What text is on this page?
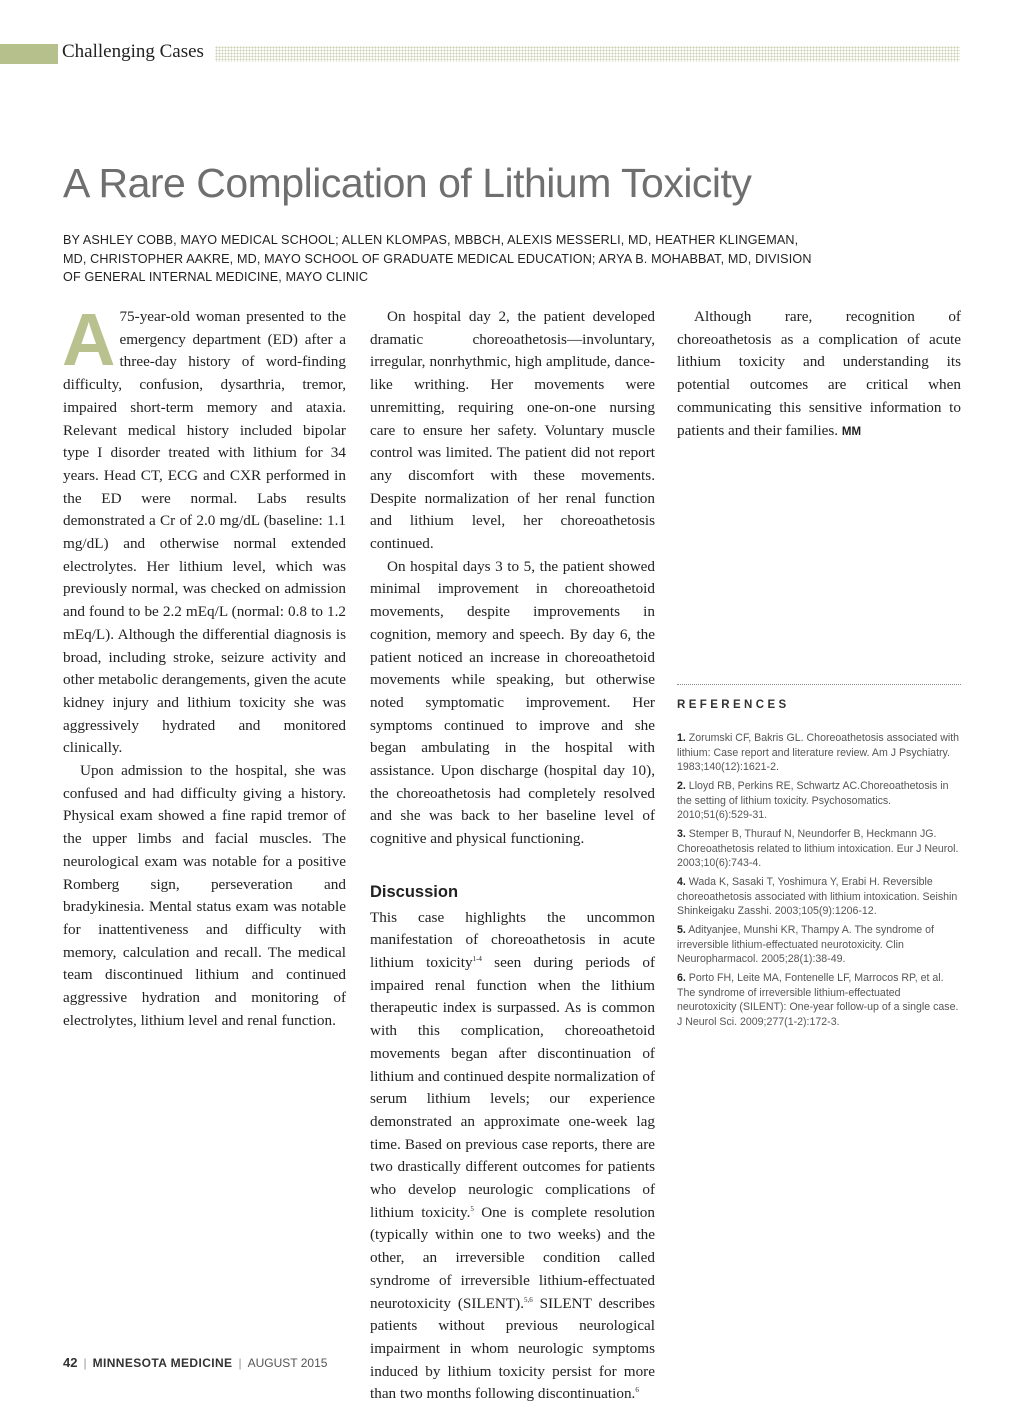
Challenging Cases
A Rare Complication of Lithium Toxicity
BY ASHLEY COBB, MAYO MEDICAL SCHOOL; ALLEN KLOMPAS, MBBCH, ALEXIS MESSERLI, MD, HEATHER KLINGEMAN, MD, CHRISTOPHER AAKRE, MD, MAYO SCHOOL OF GRADUATE MEDICAL EDUCATION; ARYA B. MOHABBAT, MD, DIVISION OF GENERAL INTERNAL MEDICINE, MAYO CLINIC

A 75-year-old woman presented to the emergency department (ED) after a three-day history of word-finding difficulty, confusion, dysarthria, tremor, impaired short-term memory and ataxia. Relevant medical history included bipolar type I disorder treated with lithium for 34 years. Head CT, ECG and CXR performed in the ED were normal. Labs results demonstrated a Cr of 2.0 mg/dL (baseline: 1.1 mg/dL) and otherwise normal extended electrolytes. Her lithium level, which was previously normal, was checked on admission and found to be 2.2 mEq/L (normal: 0.8 to 1.2 mEq/L). Although the differential diagnosis is broad, including stroke, seizure activity and other metabolic derangements, given the acute kidney injury and lithium toxicity she was aggressively hydrated and monitored clinically.

Upon admission to the hospital, she was confused and had difficulty giving a history. Physical exam showed a fine rapid tremor of the upper limbs and facial muscles. The neurological exam was notable for a positive Romberg sign, perseveration and bradykinesia. Mental status exam was notable for inattentiveness and difficulty with memory, calculation and recall. The medical team discontinued lithium and continued aggressive hydration and monitoring of electrolytes, lithium level and renal function.

On hospital day 2, the patient developed dramatic choreoathetosis—involuntary, irregular, nonrhythmic, high amplitude, dance-like writhing. Her movements were unremitting, requiring one-on-one nursing care to ensure her safety. Voluntary muscle control was limited. The patient did not report any discomfort with these movements. Despite normalization of her renal function and lithium level, her choreoathetosis continued.

On hospital days 3 to 5, the patient showed minimal improvement in choreoathetoid movements, despite improvements in cognition, memory and speech. By day 6, the patient noticed an increase in choreoathetoid movements while speaking, but otherwise noted symptomatic improvement. Her symptoms continued to improve and she began ambulating in the hospital with assistance. Upon discharge (hospital day 10), the choreoathetosis had completely resolved and she was back to her baseline level of cognitive and physical functioning.

Discussion

This case highlights the uncommon manifestation of choreoathetosis in acute lithium toxicity$^{1-4}$ seen during periods of impaired renal function when the lithium therapeutic index is surpassed. As is common with this complication, choreoathetoid movements began after discontinuation of lithium and continued despite normalization of serum lithium levels; our experience demonstrated an approximate one-week lag time. Based on previous case reports, there are two drastically different outcomes for patients who develop neurologic complications of lithium toxicity.$^5$ One is complete resolution (typically within one to two weeks) and the other, an irreversible condition called syndrome of irreversible lithium-effectuated neurotoxicity (SILENT).$^{5,6}$ SILENT describes patients without previous neurological impairment in whom neurologic symptoms induced by lithium toxicity persist for more than two months following discontinuation.$^6$

Although rare, recognition of choreoathetosis as a complication of acute lithium toxicity and understanding its potential outcomes are critical when communicating this sensitive information to patients and their families. MM

REFERENCES
1. Zorumski CF, Bakris GL. Choreoathetosis associated with lithium: Case report and literature review. Am J Psychiatry. 1983;140(12):1621-2.
2. Lloyd RB, Perkins RE, Schwartz AC.Choreoathetosis in the setting of lithium toxicity. Psychosomatics. 2010;51(6):529-31.
3. Stemper B, Thurauf N, Neundorfer B, Heckmann JG. Choreoathetosis related to lithium intoxication. Eur J Neurol. 2003;10(6):743-4.
4. Wada K, Sasaki T, Yoshimura Y, Erabi H. Reversible choreoathetosis associated with lithium intoxication. Seishin Shinkeigaku Zasshi. 2003;105(9):1206-12.
5. Adityanjee, Munshi KR, Thampy A. The syndrome of irreversible lithium-effectuated neurotoxicity. Clin Neuropharmacol. 2005;28(1):38-49.
6. Porto FH, Leite MA, Fontenelle LF, Marrocos RP, et al. The syndrome of irreversible lithium-effectuated neurotoxicity (SILENT): One-year follow-up of a single case. J Neurol Sci. 2009;277(1-2):172-3.
42 | MINNESOTA MEDICINE | AUGUST 2015
